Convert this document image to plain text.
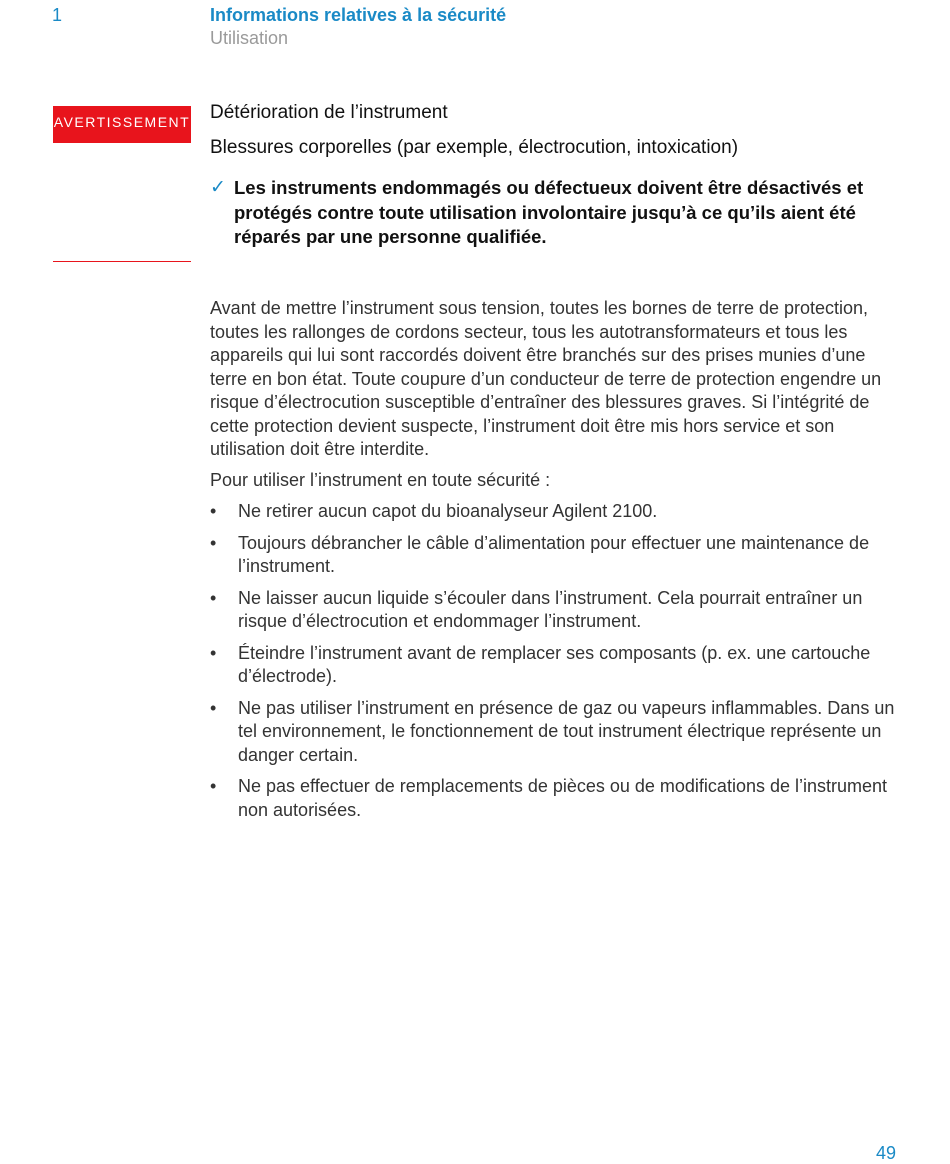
1	Informations relatives à la sécurité
Utilisation
AVERTISSEMENT Détérioration de l’instrument
Blessures corporelles (par exemple, électrocution, intoxication)
✓ Les instruments endommagés ou défectueux doivent être désactivés et protégés contre toute utilisation involontaire jusqu’à ce qu’ils aient été réparés par une personne qualifiée.

Avant de mettre l’instrument sous tension, toutes les bornes de terre de protection, toutes les rallonges de cordons secteur, tous les autotransformateurs et tous les appareils qui lui sont raccordés doivent être branchés sur des prises munies d’une terre en bon état. Toute coupure d’un conducteur de terre de protection engendre un risque d’électrocution susceptible d’entraîner des blessures graves. Si l’intégrité de cette protection devient suspecte, l’instrument doit être mis hors service et son utilisation doit être interdite.

Pour utiliser l’instrument en toute sécurité :

•	Ne retirer aucun capot du bioanalyseur Agilent 2100.
•	Toujours débrancher le câble d’alimentation pour effectuer une maintenance de l’instrument.
•	Ne laisser aucun liquide s’écouler dans l’instrument. Cela pourrait entraîner un risque d’électrocution et endommager l’instrument.
•	Éteindre l’instrument avant de remplacer ses composants (p. ex. une cartouche d’électrode).
•	Ne pas utiliser l’instrument en présence de gaz ou vapeurs inflammables. Dans un tel environnement, le fonctionnement de tout instrument électrique représente un danger certain.
•	Ne pas effectuer de remplacements de pièces ou de modifications de l’instrument non autorisées.
49
